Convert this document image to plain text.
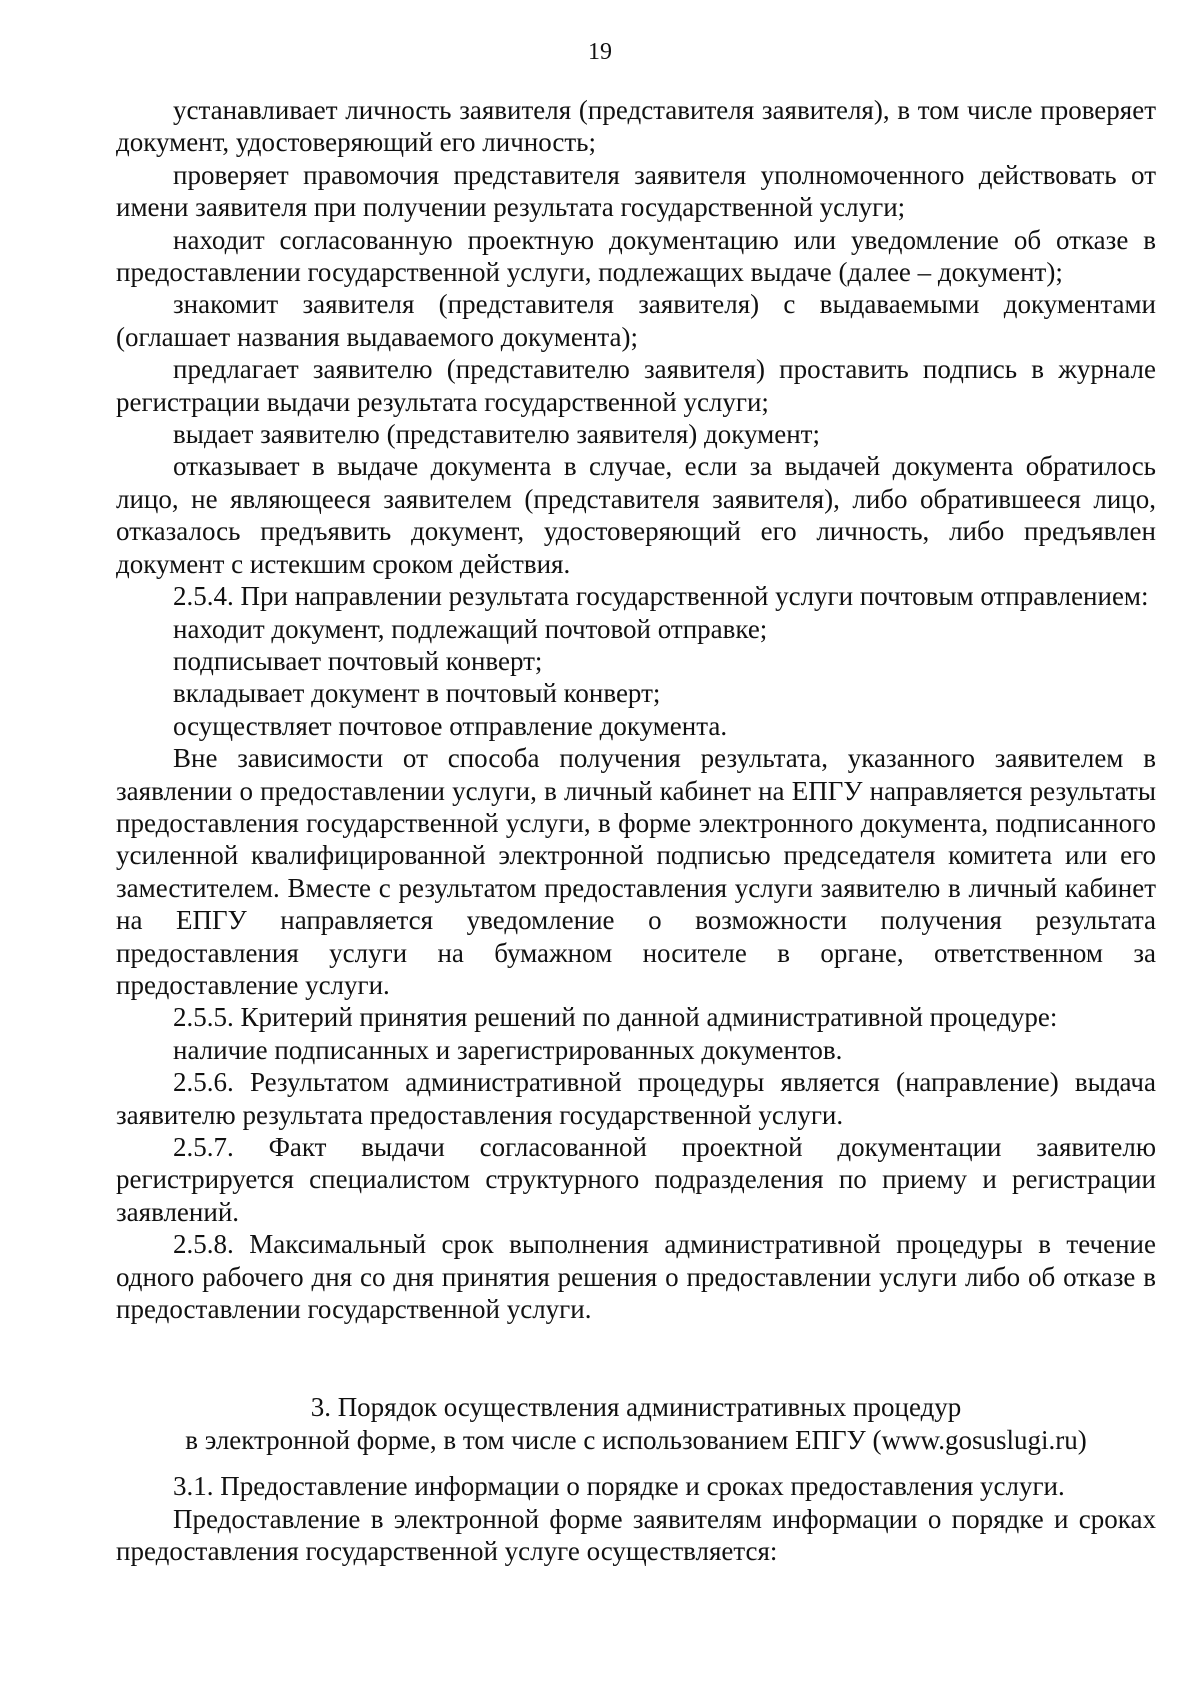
19

устанавливает личность заявителя (представителя заявителя), в том числе проверяет документ, удостоверяющий его личность;

проверяет правомочия представителя заявителя уполномоченного действовать от имени заявителя при получении результата государственной услуги;

находит согласованную проектную документацию или уведомление об отказе в предоставлении государственной услуги, подлежащих выдаче (далее – документ);

знакомит заявителя (представителя заявителя) с выдаваемыми документами (оглашает названия выдаваемого документа);

предлагает заявителю (представителю заявителя) проставить подпись в журнале регистрации выдачи результата государственной услуги;

выдает заявителю (представителю заявителя) документ;

отказывает в выдаче документа в случае, если за выдачей документа обратилось лицо, не являющееся заявителем (представителя заявителя), либо обратившееся лицо, отказалось предъявить документ, удостоверяющий его личность, либо предъявлен документ с истекшим сроком действия.

2.5.4. При направлении результата государственной услуги почтовым отправлением:

находит документ, подлежащий почтовой отправке;

подписывает почтовый конверт;

вкладывает документ в почтовый конверт;

осуществляет почтовое отправление документа.

Вне зависимости от способа получения результата, указанного заявителем в заявлении о предоставлении услуги, в личный кабинет на ЕПГУ направляется результаты предоставления государственной услуги, в форме электронного документа, подписанного усиленной квалифицированной электронной подписью председателя комитета или его заместителем. Вместе с результатом предоставления услуги заявителю в личный кабинет на ЕПГУ направляется уведомление о возможности получения результата предоставления услуги на бумажном носителе в органе, ответственном за предоставление услуги.

2.5.5. Критерий принятия решений по данной административной процедуре:

наличие подписанных и зарегистрированных документов.

2.5.6. Результатом административной процедуры является (направление) выдача заявителю результата предоставления государственной услуги.

2.5.7. Факт выдачи согласованной проектной документации заявителю регистрируется специалистом структурного подразделения по приему и регистрации заявлений.

2.5.8. Максимальный срок выполнения административной процедуры в течение одного рабочего дня со дня принятия решения о предоставлении услуги либо об отказе в предоставлении государственной услуги.

3. Порядок осуществления административных процедур
в электронной форме, в том числе с использованием ЕПГУ (www.gosuslugi.ru)

3.1. Предоставление информации о порядке и сроках предоставления услуги.

Предоставление в электронной форме заявителям информации о порядке и сроках предоставления государственной услуге осуществляется:
